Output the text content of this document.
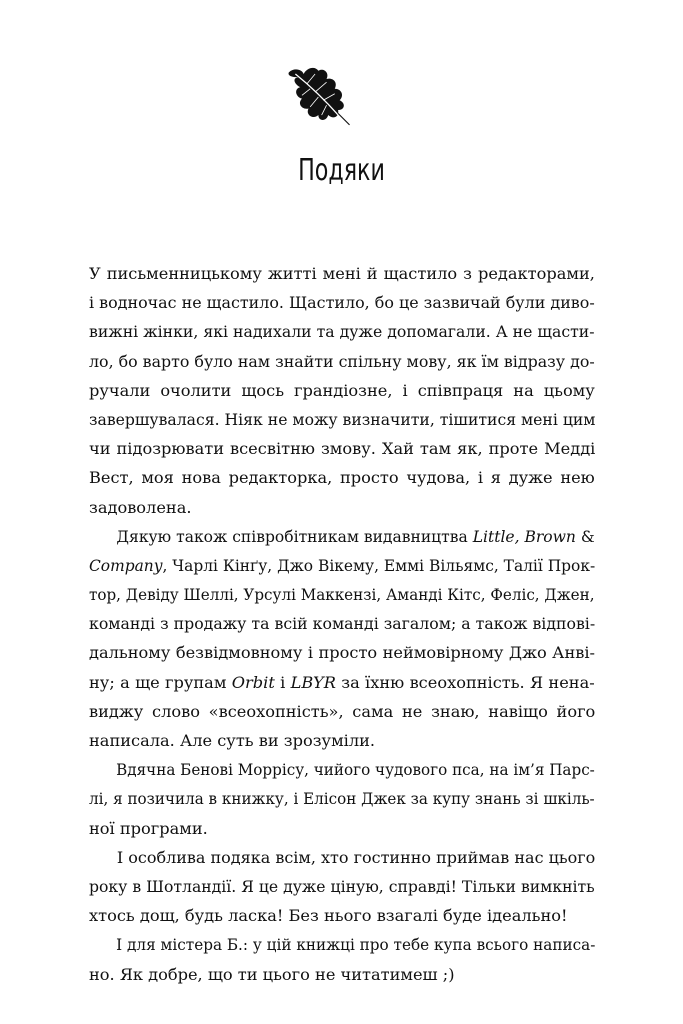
Подяки
У письменницькому житті мені й щастило з редакторами,
і водночас не щастило. Щастило, бо це зазвичай були диво-
вижні жінки, які надихали та дуже допомагали. А не щасти-
ло, бо варто було нам знайти спільну мову, як їм відразу до-
ручали очолити щось грандіозне, і співпраця на цьому
завершувалася. Ніяк не можу визначити, тішитися мені цим
чи підозрювати всесвітню змову. Хай там як, проте Медді
Вест, моя нова редакторка, просто чудова, і я дуже нею
задоволена.
Дякую також співробітникам видавництва Little, Brown &
Company, Чарлі Кінґу, Джо Вікему, Еммі Вільямс, Талії Прок-
тор, Девіду Шеллі, Урсулі Маккензі, Аманді Кітс, Феліс, Джен,
команді з продажу та всій команді загалом; а також відпові-
дальному безвідмовному і просто неймовірному Джо Анві-
ну; а ще групам Orbit і LBYR за їхню всеохопність. Я нена-
виджу слово «всеохопність», сама не знаю, навіщо його
написала. Але суть ви зрозуміли.
Вдячна Бенові Моррісу, чийого чудового пса, на ім’я Парс-
лі, я позичила в книжку, і Елісон Джек за купу знань зі шкіль-
ної програми.
І особлива подяка всім, хто гостинно приймав нас цього
року в Шотландії. Я це дуже ціную, справді! Тільки вимкніть
хтось дощ, будь ласка! Без нього взагалі буде ідеально!
І для містера Б.: у цій книжці про тебе купа всього написа-
но. Як добре, що ти цього не читатимеш ;)
